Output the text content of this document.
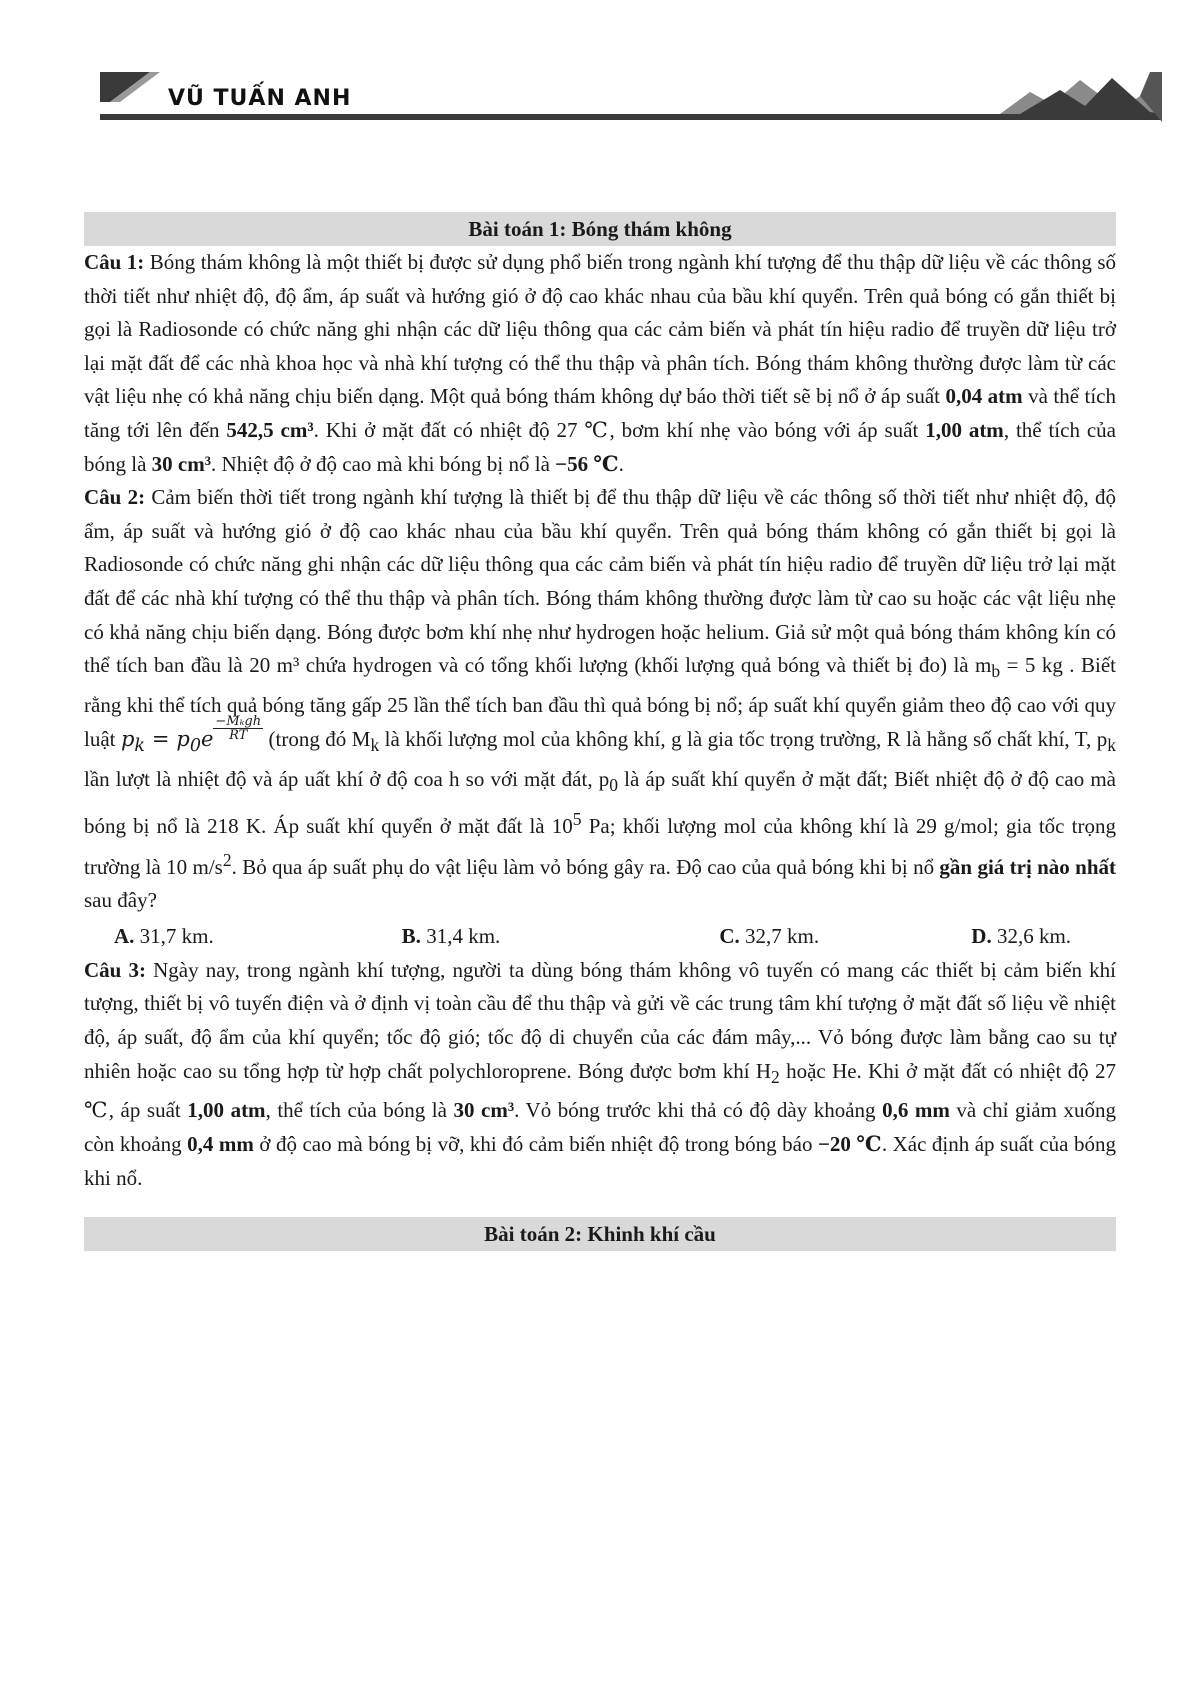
VŨ TUẤN ANH
Bài toán 1: Bóng thám không

Câu 1: Bóng thám không là một thiết bị được sử dụng phổ biến trong ngành khí tượng để thu thập dữ liệu về các thông số thời tiết như nhiệt độ, độ ẩm, áp suất và hướng gió ở độ cao khác nhau của bầu khí quyển. Trên quả bóng có gắn thiết bị gọi là Radiosonde có chức năng ghi nhận các dữ liệu thông qua các cảm biến và phát tín hiệu radio để truyền dữ liệu trở lại mặt đất để các nhà khoa học và nhà khí tượng có thể thu thập và phân tích. Bóng thám không thường được làm từ các vật liệu nhẹ có khả năng chịu biến dạng. Một quả bóng thám không dự báo thời tiết sẽ bị nổ ở áp suất 0,04 atm và thể tích tăng tới lên đến 542,5 cm³. Khi ở mặt đất có nhiệt độ 27 ℃, bơm khí nhẹ vào bóng với áp suất 1,00 atm, thể tích của bóng là 30 cm³. Nhiệt độ ở độ cao mà khi bóng bị nổ là −56 ℃.

Câu 2: Cảm biến thời tiết trong ngành khí tượng là thiết bị để thu thập dữ liệu về các thông số thời tiết như nhiệt độ, độ ẩm, áp suất và hướng gió ở độ cao khác nhau của bầu khí quyển. Trên quả bóng thám không có gắn thiết bị gọi là Radiosonde có chức năng ghi nhận các dữ liệu thông qua các cảm biến và phát tín hiệu radio để truyền dữ liệu trở lại mặt đất để các nhà khí tượng có thể thu thập và phân tích. Bóng thám không thường được làm từ cao su hoặc các vật liệu nhẹ có khả năng chịu biến dạng. Bóng được bơm khí nhẹ như hydrogen hoặc helium. Giả sử một quả bóng thám không kín có thể tích ban đầu là 20 m³ chứa hydrogen và có tổng khối lượng (khối lượng quả bóng và thiết bị đo) là $m_b = 5$ kg . Biết rằng khi thể tích quả bóng tăng gấp 25 lần thể tích ban đầu thì quả bóng bị nổ; áp suất khí quyển giảm theo độ cao với quy luật $p_k = p_0e \frac{\text{−Mₖgh}}{RT}$ (trong đó $M_k$ là khối lượng mol của không khí, g là gia tốc trọng trường, R là hằng số chất khí, T, $p_k$ lần lượt là nhiệt độ và áp uất khí ở độ coa h so với mặt đát, $p_0$ là áp suất khí quyển ở mặt đất; Biết nhiệt độ ở độ cao mà bóng bị nổ là 218 K. Áp suất khí quyển ở mặt đất là $10^5$ Pa; khối lượng mol của không khí là 29 g/mol; gia tốc trọng trường là 10 $m/s^2$. Bỏ qua áp suất phụ do vật liệu làm vỏ bóng gây ra. Độ cao của quả bóng khi bị nổ gần giá trị nào nhất sau đây?

A. 31,7 km.	B. 31,4 km.	C. 32,7 km.	D. 32,6 km.

Câu 3: Ngày nay, trong ngành khí tượng, người ta dùng bóng thám không vô tuyến có mang các thiết bị cảm biến khí tượng, thiết bị vô tuyến điện và ở định vị toàn cầu để thu thập và gửi về các trung tâm khí tượng ở mặt đất số liệu về nhiệt độ, áp suất, độ ẩm của khí quyển; tốc độ gió; tốc độ di chuyển của các đám mây,... Vỏ bóng được làm bằng cao su tự nhiên hoặc cao su tổng hợp từ hợp chất polychloroprene. Bóng được bơm khí $H_2$ hoặc He. Khi ở mặt đất có nhiệt độ 27 ℃, áp suất 1,00 atm, thể tích của bóng là 30 cm³. Vỏ bóng trước khi thả có độ dày khoảng 0,6 mm và chỉ giảm xuống còn khoảng 0,4 mm ở độ cao mà bóng bị vỡ, khi đó cảm biến nhiệt độ trong bóng báo −20 ℃. Xác định áp suất của bóng khi nổ.

Bài toán 2: Khinh khí cầu
